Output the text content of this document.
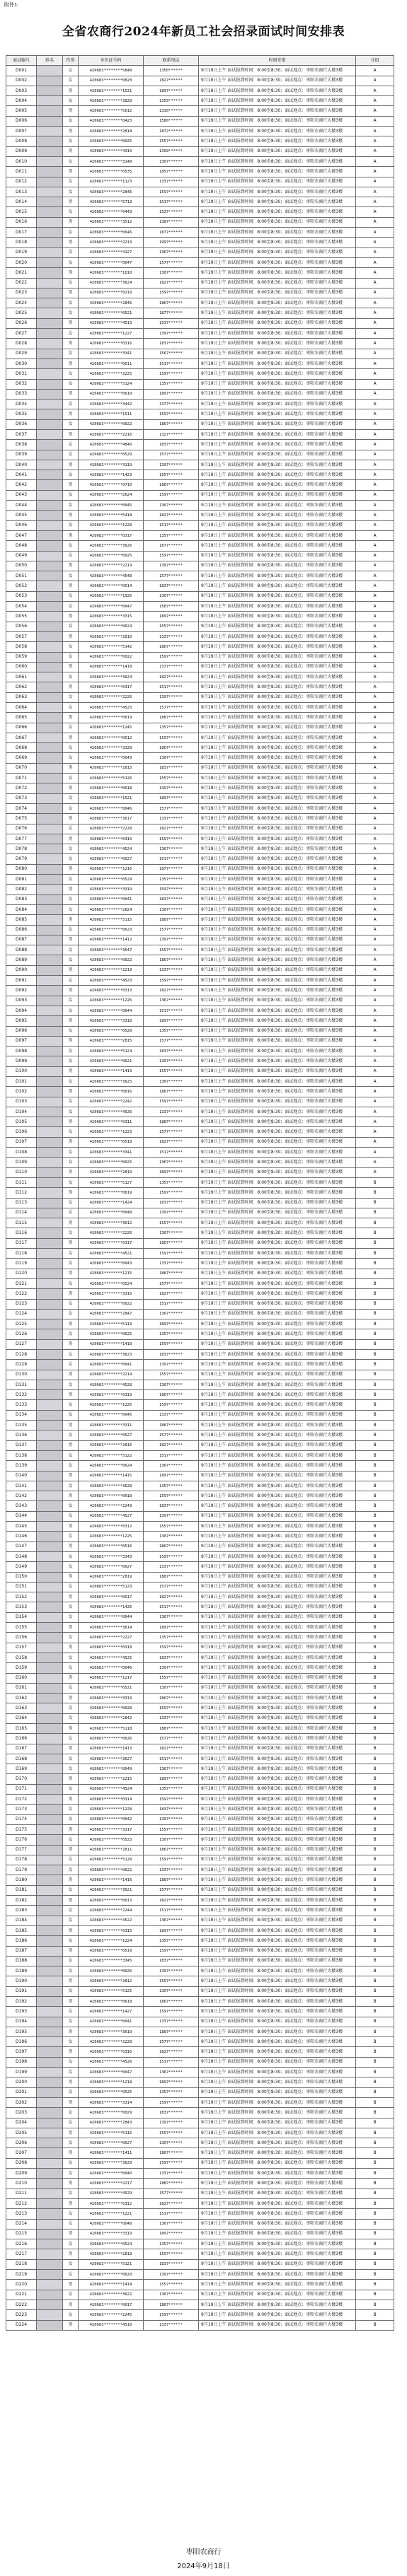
附件1:
全省农商行2024年新员工社会招录面试时间安排表
面试编号	姓名	性别	身份证号码	联系电话	时间安排	分组
D001		女	420683********5848	1350******	9月19日上午 面试报到时间：8:00至8:30；面试地点：枣阳农商行大楼3楼	A
D002		女	420683********0828	1827******	9月19日上午 面试报到时间：8:00至8:30；面试地点：枣阳农商行大楼3楼	A
D003		男	420683********1531	1897******	9月19日上午 面试报到时间：8:00至8:30；面试地点：枣阳农商行大楼3楼	A
D004		女	420683********3828	1359******	9月19日上午 面试报到时间：8:00至8:30；面试地点：枣阳农商行大楼3楼	A
D005		男	420683********5612	1330******	9月19日上午 面试报到时间：8:00至8:30；面试地点：枣阳农商行大楼3楼	A
D006		女	420683********0423	1580******	9月19日上午 面试报到时间：8:00至8:30；面试地点：枣阳农商行大楼3楼	A
D007		男	420683********2818	1872******	9月19日上午 面试报到时间：8:00至8:30；面试地点：枣阳农商行大楼3楼	A
D008		女	420683********0025	1557******	9月19日上午 面试报到时间：8:00至8:30；面试地点：枣阳农商行大楼3楼	A
D009		男	420683********4310	1399******	9月19日上午 面试报到时间：8:00至8:30；面试地点：枣阳农商行大楼3楼	A
D010		女	420683********3148	1307******	9月19日上午 面试报到时间：8:00至8:30；面试地点：枣阳农商行大楼3楼	A
D011		男	420683********0535	1857******	9月19日上午 面试报到时间：8:00至8:30；面试地点：枣阳农商行大楼3楼	A
D012		女	420683********1123	1337******	9月19日上午 面试报到时间：8:00至8:30；面试地点：枣阳农商行大楼3楼	A
D013		女	420683********2846	1597******	9月19日上午 面试报到时间：8:00至8:30；面试地点：枣阳农商行大楼3楼	A
D014		男	420683********5719	1517******	9月19日上午 面试报到时间：8:00至8:30；面试地点：枣阳农商行大楼3楼	A
D015		女	420683********0443	1527******	9月19日上午 面试报到时间：8:00至8:30；面试地点：枣阳农商行大楼3楼	A
D016		男	420683********3512	1387******	9月19日上午 面试报到时间：8:00至8:30；面试地点：枣阳农商行大楼3楼	A
D017		女	420683********0646	1877******	9月19日上午 面试报到时间：8:00至8:30；面试地点：枣阳农商行大楼3楼	A
D018		男	420683********2213	1997******	9月19日上午 面试报到时间：8:00至8:30；面试地点：枣阳农商行大楼3楼	A
D019		女	420683********4127	1367******	9月19日上午 面试报到时间：8:00至8:30；面试地点：枣阳农商行大楼3楼	A
D020		女	420683********0047	1577******	9月19日上午 面试报到时间：8:00至8:30；面试地点：枣阳农商行大楼3楼	A
D021		男	420683********1810	1307******	9月19日上午 面试报到时间：8:00至8:30；面试地点：枣阳农商行大楼3楼	A
D022		女	420683********3624	1827******	9月19日上午 面试报到时间：8:00至8:30；面试地点：枣阳农商行大楼3楼	A
D023		男	420683********0219	1597******	9月19日上午 面试报到时间：8:00至8:30；面试地点：枣阳农商行大楼3楼	A
D024		女	420683********2846	1867******	9月19日上午 面试报到时间：8:00至8:30；面试地点：枣阳农商行大楼3楼	A
D025		女	420683********0521	1877******	9月19日上午 面试报到时间：8:00至8:30；面试地点：枣阳农商行大楼3楼	A
D026		男	420683********4513	1537******	9月19日上午 面试报到时间：8:00至8:30；面试地点：枣阳农商行大楼3楼	A
D027		女	420683********1227	1397******	9月19日上午 面试报到时间：8:00至8:30；面试地点：枣阳农商行大楼3楼	A
D028		男	420683********0316	1837******	9月19日上午 面试报到时间：8:00至8:30；面试地点：枣阳农商行大楼3楼	A
D029		女	420683********3341	1567******	9月19日上午 面试报到时间：8:00至8:30；面试地点：枣阳农商行大楼3楼	A
D030		男	420683********0011	1517******	9月19日上午 面试报到时间：8:00至8:30；面试地点：枣阳农商行大楼3楼	A
D031		女	420683********2225	1597******	9月19日上午 面试报到时间：8:00至8:30；面试地点：枣阳农商行大楼3楼	A
D032		女	420683********5124	1357******	9月19日上午 面试报到时间：8:00至8:30；面试地点：枣阳农商行大楼3楼	A
D033		男	420683********0610	1897******	9月19日上午 面试报到时间：8:00至8:30；面试地点：枣阳农商行大楼3楼	A
D034		女	420683********3442	1377******	9月19日上午 面试报到时间：8:00至8:30；面试地点：枣阳农商行大楼3楼	A
D035		男	420683********1511	1597******	9月19日上午 面试报到时间：8:00至8:30；面试地点：枣阳农商行大楼3楼	A
D036		女	420683********0022	1867******	9月19日上午 面试报到时间：8:00至8:30；面试地点：枣阳农商行大楼3楼	A
D037		男	420683********2216	1327******	9月19日上午 面试报到时间：8:00至8:30；面试地点：枣阳农商行大楼3楼	A
D038		女	420683********4846	1837******	9月19日上午 面试报到时间：8:00至8:30；面试地点：枣阳农商行大楼3楼	A
D039		女	420683********0529	1577******	9月19日上午 面试报到时间：8:00至8:30；面试地点：枣阳农商行大楼3楼	A
D040		男	420683********3119	1397******	9月19日上午 面试报到时间：8:00至8:30；面试地点：枣阳农商行大楼3楼	A
D041		女	420683********1423	1557******	9月19日上午 面试报到时间：8:00至8:30；面试地点：枣阳农商行大楼3楼	A
D042		男	420683********0710	1887******	9月19日上午 面试报到时间：8:00至8:30；面试地点：枣阳农商行大楼3楼	A
D043		女	420683********2624	1597******	9月19日上午 面试报到时间：8:00至8:30；面试地点：枣阳农商行大楼3楼	A
D044		女	420683********0045	1367******	9月19日上午 面试报到时间：8:00至8:30；面试地点：枣阳农商行大楼3楼	A
D045		男	420683********5418	1827******	9月19日上午 面试报到时间：8:00至8:30；面试地点：枣阳农商行大楼3楼	A
D046		女	420683********1228	1517******	9月19日上午 面试报到时间：8:00至8:30；面试地点：枣阳农商行大楼3楼	A
D047		男	420683********0317	1357******	9月19日上午 面试报到时间：8:00至8:30；面试地点：枣阳农商行大楼3楼	A
D048		女	420683********3626	1877******	9月19日上午 面试报到时间：8:00至8:30；面试地点：枣阳农商行大楼3楼	A
D049		女	420683********0025	1597******	9月19日上午 面试报到时间：8:00至8:30；面试地点：枣阳农商行大楼3楼	A
D050		男	420683********2219	1397******	9月19日上午 面试报到时间：8:00至8:30；面试地点：枣阳农商行大楼3楼	A
D051		女	420683********4548	1577******	9月19日上午 面试报到时间：8:00至8:30；面试地点：枣阳农商行大楼3楼	A
D052		男	420683********0514	1837******	9月19日上午 面试报到时间：8:00至8:30；面试地点：枣阳农商行大楼3楼	A
D053		女	420683********1926	1307******	9月19日上午 面试报到时间：8:00至8:30；面试地点：枣阳农商行大楼3楼	A
D054		女	420683********0047	1587******	9月19日上午 面试报到时间：8:00至8:30；面试地点：枣阳农商行大楼3楼	A
D055		男	420683********3315	1897******	9月19日上午 面试报到时间：8:00至8:30；面试地点：枣阳农商行大楼3楼	A
D056		女	420683********0624	1557******	9月19日上午 面试报到时间：8:00至8:30；面试地点：枣阳农商行大楼3楼	A
D057		男	420683********2810	1337******	9月19日上午 面试报到时间：8:00至8:30；面试地点：枣阳农商行大楼3楼	A
D058		女	420683********5142	1867******	9月19日上午 面试报到时间：8:00至8:30；面试地点：枣阳农商行大楼3楼	A
D059		女	420683********0022	1597******	9月19日上午 面试报到时间：8:00至8:30；面试地点：枣阳农商行大楼3楼	A
D060		男	420683********1418	1377******	9月19日上午 面试报到时间：8:00至8:30；面试地点：枣阳农商行大楼3楼	A
D061		女	420683********3624	1827******	9月19日上午 面试报到时间：8:00至8:30；面试地点：枣阳农商行大楼3楼	A
D062		男	420683********0317	1517******	9月19日上午 面试报到时间：8:00至8:30；面试地点：枣阳农商行大楼3楼	A
D063		女	420683********2226	1397******	9月19日上午 面试报到时间：8:00至8:30；面试地点：枣阳农商行大楼3楼	A
D064		女	420683********4523	1577******	9月19日上午 面试报到时间：8:00至8:30；面试地点：枣阳农商行大楼3楼	A
D065		男	420683********0019	1887******	9月19日上午 面试报到时间：8:00至8:30；面试地点：枣阳农商行大楼3楼	A
D066		女	420683********1245	1357******	9月19日上午 面试报到时间：8:00至8:30；面试地点：枣阳农商行大楼3楼	A
D067		男	420683********0512	1597******	9月19日上午 面试报到时间：8:00至8:30；面试地点：枣阳农商行大楼3楼	A
D068		女	420683********3328	1867******	9月19日上午 面试报到时间：8:00至8:30；面试地点：枣阳农商行大楼3楼	A
D069		女	420683********0043	1307******	9月19日上午 面试报到时间：8:00至8:30；面试地点：枣阳农商行大楼3楼	A
D070		男	420683********2813	1837******	9月19日上午 面试报到时间：8:00至8:30；面试地点：枣阳农商行大楼3楼	A
D071		女	420683********5126	1557******	9月19日上午 面试报到时间：8:00至8:30；面试地点：枣阳农商行大楼3楼	A
D072		男	420683********0618	1397******	9月19日上午 面试报到时间：8:00至8:30；面试地点：枣阳农商行大楼3楼	A
D073		女	420683********1521	1897******	9月19日上午 面试报到时间：8:00至8:30；面试地点：枣阳农商行大楼3楼	A
D074		女	420683********0046	1577******	9月19日上午 面试报到时间：8:00至8:30；面试地点：枣阳农商行大楼3楼	A
D075		男	420683********3617	1337******	9月19日上午 面试报到时间：8:00至8:30；面试地点：枣阳农商行大楼3楼	A
D076		女	420683********2228	1827******	9月19日上午 面试报到时间：8:00至8:30；面试地点：枣阳农商行大楼3楼	A
D077		男	420683********0310	1597******	9月19日上午 面试报到时间：8:00至8:30；面试地点：枣阳农商行大楼3楼	A
D078		女	420683********4524	1367******	9月19日上午 面试报到时间：8:00至8:30；面试地点：枣阳农商行大楼3楼	A
D079		女	420683********0027	1517******	9月19日上午 面试报到时间：8:00至8:30；面试地点：枣阳农商行大楼3楼	A
D080		男	420683********1216	1877******	9月19日上午 面试报到时间：8:00至8:30；面试地点：枣阳农商行大楼3楼	A
D081		女	420683********0529	1357******	9月19日上午 面试报到时间：8:00至8:30；面试地点：枣阳农商行大楼3楼	A
D082		男	420683********3319	1597******	9月19日上午 面试报到时间：8:00至8:30；面试地点：枣阳农商行大楼3楼	A
D083		女	420683********0041	1837******	9月19日上午 面试报到时间：8:00至8:30；面试地点：枣阳农商行大楼3楼	A
D084		女	420683********2824	1307******	9月19日上午 面试报到时间：8:00至8:30；面试地点：枣阳农商行大楼3楼	A
D085		男	420683********5115	1887******	9月19日上午 面试报到时间：8:00至8:30；面试地点：枣阳农商行大楼3楼	A
D086		女	420683********0623	1577******	9月19日上午 面试报到时间：8:00至8:30；面试地点：枣阳农商行大楼3楼	A
D087		男	420683********1412	1397******	9月19日上午 面试报到时间：8:00至8:30；面试地点：枣阳农商行大楼3楼	A
D088		女	420683********3647	1557******	9月19日上午 面试报到时间：8:00至8:30；面试地点：枣阳农商行大楼3楼	A
D089		女	420683********0022	1867******	9月19日上午 面试报到时间：8:00至8:30；面试地点：枣阳农商行大楼3楼	A
D090		男	420683********2219	1337******	9月19日上午 面试报到时间：8:00至8:30；面试地点：枣阳农商行大楼3楼	A
D091		女	420683********4523	1597******	9月19日上午 面试报到时间：8:00至8:30；面试地点：枣阳农商行大楼3楼	A
D092		男	420683********0313	1827******	9月19日上午 面试报到时间：8:00至8:30；面试地点：枣阳农商行大楼3楼	A
D093		女	420683********1226	1367******	9月19日上午 面试报到时间：8:00至8:30；面试地点：枣阳农商行大楼3楼	A
D094		女	420683********0044	1517******	9月19日上午 面试报到时间：8:00至8:30；面试地点：枣阳农商行大楼3楼	A
D095		男	420683********3318	1897******	9月19日上午 面试报到时间：8:00至8:30；面试地点：枣阳农商行大楼3楼	A
D096		女	420683********0528	1357******	9月19日上午 面试报到时间：8:00至8:30；面试地点：枣阳农商行大楼3楼	A
D097		男	420683********2815	1577******	9月19日上午 面试报到时间：8:00至8:30；面试地点：枣阳农商行大楼3楼	A
D098		女	420683********5124	1837******	9月19日上午 面试报到时间：8:00至8:30；面试地点：枣阳农商行大楼3楼	A
D099		女	420683********0621	1397******	9月19日上午 面试报到时间：8:00至8:30；面试地点：枣阳农商行大楼3楼	A
D100		男	420683********1419	1557******	9月19日上午 面试报到时间：8:00至8:30；面试地点：枣阳农商行大楼3楼	A
D101		女	420683********3625	1307******	9月19日上午 面试报到时间：8:00至8:30；面试地点：枣阳农商行大楼3楼	A
D102		男	420683********0016	1867******	9月19日上午 面试报到时间：8:00至8:30；面试地点：枣阳农商行大楼3楼	A
D103		女	420683********2242	1597******	9月19日上午 面试报到时间：8:00至8:30；面试地点：枣阳农商行大楼3楼	A
D104		女	420683********4526	1337******	9月19日上午 面试报到时间：8:00至8:30；面试地点：枣阳农商行大楼3楼	A
D105		男	420683********0311	1887******	9月19日上午 面试报到时间：8:00至8:30；面试地点：枣阳农商行大楼3楼	A
D106		女	420683********1223	1577******	9月19日上午 面试报到时间：8:00至8:30；面试地点：枣阳农商行大楼3楼	A
D107		男	420683********0518	1827******	9月19日上午 面试报到时间：8:00至8:30；面试地点：枣阳农商行大楼3楼	A
D108		女	420683********3341	1517******	9月19日上午 面试报到时间：8:00至8:30；面试地点：枣阳农商行大楼3楼	A
D109		女	420683********0025	1367******	9月19日上午 面试报到时间：8:00至8:30；面试地点：枣阳农商行大楼3楼	A
D110		男	420683********2810	1897******	9月19日上午 面试报到时间：8:00至8:30；面试地点：枣阳农商行大楼3楼	A
D111		女	420683********5127	1357******	9月19日上午 面试报到时间：8:00至8:30；面试地点：枣阳农商行大楼3楼	B
D112		男	420683********0619	1597******	9月19日上午 面试报到时间：8:00至8:30；面试地点：枣阳农商行大楼3楼	B
D113		女	420683********1424	1837******	9月19日上午 面试报到时间：8:00至8:30；面试地点：枣阳农商行大楼3楼	B
D114		女	420683********0048	1397******	9月19日上午 面试报到时间：8:00至8:30；面试地点：枣阳农商行大楼3楼	B
D115		男	420683********3612	1557******	9月19日上午 面试报到时间：8:00至8:30；面试地点：枣阳农商行大楼3楼	B
D116		女	420683********2226	1307******	9月19日上午 面试报到时间：8:00至8:30；面试地点：枣阳农商行大楼3楼	B
D117		男	420683********0317	1867******	9月19日上午 面试报到时间：8:00至8:30；面试地点：枣阳农商行大楼3楼	B
D118		女	420683********4521	1597******	9月19日上午 面试报到时间：8:00至8:30；面试地点：枣阳农商行大楼3楼	B
D119		女	420683********0043	1337******	9月19日上午 面试报到时间：8:00至8:30；面试地点：枣阳农商行大楼3楼	B
D120		男	420683********1215	1887******	9月19日上午 面试报到时间：8:00至8:30；面试地点：枣阳农商行大楼3楼	B
D121		女	420683********0524	1577******	9月19日上午 面试报到时间：8:00至8:30；面试地点：枣阳农商行大楼3楼	B
D122		男	420683********3316	1827******	9月19日上午 面试报到时间：8:00至8:30；面试地点：枣阳农商行大楼3楼	B
D123		女	420683********0022	1517******	9月19日上午 面试报到时间：8:00至8:30；面试地点：枣阳农商行大楼3楼	B
D124		女	420683********2847	1367******	9月19日上午 面试报到时间：8:00至8:30；面试地点：枣阳农商行大楼3楼	B
D125		男	420683********5113	1897******	9月19日上午 面试报到时间：8:00至8:30；面试地点：枣阳农商行大楼3楼	B
D126		女	420683********0625	1357******	9月19日上午 面试报到时间：8:00至8:30；面试地点：枣阳农商行大楼3楼	B
D127		男	420683********1418	1597******	9月19日上午 面试报到时间：8:00至8:30；面试地点：枣阳农商行大楼3楼	B
D128		女	420683********3623	1837******	9月19日上午 面试报到时间：8:00至8:30；面试地点：枣阳农商行大楼3楼	B
D129		女	420683********0041	1397******	9月19日上午 面试报到时间：8:00至8:30；面试地点：枣阳农商行大楼3楼	B
D130		男	420683********2214	1557******	9月19日上午 面试报到时间：8:00至8:30；面试地点：枣阳农商行大楼3楼	B
D131		女	420683********4528	1307******	9月19日上午 面试报到时间：8:00至8:30；面试地点：枣阳农商行大楼3楼	B
D132		男	420683********0319	1867******	9月19日上午 面试报到时间：8:00至8:30；面试地点：枣阳农商行大楼3楼	B
D133		女	420683********1226	1597******	9月19日上午 面试报到时间：8:00至8:30；面试地点：枣阳农商行大楼3楼	B
D134		女	420683********0045	1337******	9月19日上午 面试报到时间：8:00至8:30；面试地点：枣阳农商行大楼3楼	B
D135		男	420683********3311	1887******	9月19日上午 面试报到时间：8:00至8:30；面试地点：枣阳农商行大楼3楼	B
D136		女	420683********0527	1577******	9月19日上午 面试报到时间：8:00至8:30；面试地点：枣阳农商行大楼3楼	B
D137		男	420683********2816	1827******	9月19日上午 面试报到时间：8:00至8:30；面试地点：枣阳农商行大楼3楼	B
D138		女	420683********5122	1517******	9月19日上午 面试报到时间：8:00至8:30；面试地点：枣阳农商行大楼3楼	B
D139		女	420683********0624	1367******	9月19日上午 面试报到时间：8:00至8:30；面试地点：枣阳农商行大楼3楼	B
D140		男	420683********1415	1897******	9月19日上午 面试报到时间：8:00至8:30；面试地点：枣阳农商行大楼3楼	B
D141		女	420683********3628	1357******	9月19日上午 面试报到时间：8:00至8:30；面试地点：枣阳农商行大楼3楼	B
D142		男	420683********0018	1597******	9月19日上午 面试报到时间：8:00至8:30；面试地点：枣阳农商行大楼3楼	B
D143		女	420683********2243	1837******	9月19日上午 面试报到时间：8:00至8:30；面试地点：枣阳农商行大楼3楼	B
D144		女	420683********4527	1397******	9月19日上午 面试报到时间：8:00至8:30；面试地点：枣阳农商行大楼3楼	B
D145		男	420683********0312	1557******	9月19日上午 面试报到时间：8:00至8:30；面试地点：枣阳农商行大楼3楼	B
D146		女	420683********1225	1307******	9月19日上午 面试报到时间：8:00至8:30；面试地点：枣阳农商行大楼3楼	B
D147		男	420683********0516	1867******	9月19日上午 面试报到时间：8:00至8:30；面试地点：枣阳农商行大楼3楼	B
D148		女	420683********3343	1597******	9月19日上午 面试报到时间：8:00至8:30；面试地点：枣阳农商行大楼3楼	B
D149		女	420683********0027	1337******	9月19日上午 面试报到时间：8:00至8:30；面试地点：枣阳农商行大楼3楼	B
D150		男	420683********2819	1887******	9月19日上午 面试报到时间：8:00至8:30；面试地点：枣阳农商行大楼3楼	B
D151		女	420683********5123	1577******	9月19日上午 面试报到时间：8:00至8:30；面试地点：枣阳农商行大楼3楼	B
D152		男	420683********0617	1827******	9月19日上午 面试报到时间：8:00至8:30；面试地点：枣阳农商行大楼3楼	B
D153		女	420683********1426	1517******	9月19日上午 面试报到时间：8:00至8:30；面试地点：枣阳农商行大楼3楼	B
D154		女	420683********0044	1367******	9月19日上午 面试报到时间：8:00至8:30；面试地点：枣阳农商行大楼3楼	B
D155		男	420683********3614	1897******	9月19日上午 面试报到时间：8:00至8:30；面试地点：枣阳农商行大楼3楼	B
D156		女	420683********2227	1357******	9月19日上午 面试报到时间：8:00至8:30；面试地点：枣阳农商行大楼3楼	B
D157		男	420683********0318	1597******	9月19日上午 面试报到时间：8:00至8:30；面试地点：枣阳农商行大楼3楼	B
D158		女	420683********4525	1837******	9月19日上午 面试报到时间：8:00至8:30；面试地点：枣阳农商行大楼3楼	B
D159		女	420683********0046	1397******	9月19日上午 面试报到时间：8:00至8:30；面试地点：枣阳农商行大楼3楼	B
D160		男	420683********1217	1557******	9月19日上午 面试报到时间：8:00至8:30；面试地点：枣阳农商行大楼3楼	B
D161		女	420683********0521	1307******	9月19日上午 面试报到时间：8:00至8:30；面试地点：枣阳农商行大楼3楼	B
D162		男	420683********3313	1867******	9月19日上午 面试报到时间：8:00至8:30；面试地点：枣阳农商行大楼3楼	B
D163		女	420683********0028	1597******	9月19日上午 面试报到时间：8:00至8:30；面试地点：枣阳农商行大楼3楼	B
D164		女	420683********2842	1337******	9月19日上午 面试报到时间：8:00至8:30；面试地点：枣阳农商行大楼3楼	B
D165		男	420683********5118	1887******	9月19日上午 面试报到时间：8:00至8:30；面试地点：枣阳农商行大楼3楼	B
D166		女	420683********0626	1577******	9月19日上午 面试报到时间：8:00至8:30；面试地点：枣阳农商行大楼3楼	B
D167		男	420683********1413	1827******	9月19日上午 面试报到时间：8:00至8:30；面试地点：枣阳农商行大楼3楼	B
D168		女	420683********3627	1517******	9月19日上午 面试报到时间：8:00至8:30；面试地点：枣阳农商行大楼3楼	B
D169		女	420683********0049	1367******	9月19日上午 面试报到时间：8:00至8:30；面试地点：枣阳农商行大楼3楼	B
D170		男	420683********2215	1897******	9月19日上午 面试报到时间：8:00至8:30；面试地点：枣阳农商行大楼3楼	B
D171		女	420683********4524	1357******	9月19日上午 面试报到时间：8:00至8:30；面试地点：枣阳农商行大楼3楼	B
D172		男	420683********0314	1597******	9月19日上午 面试报到时间：8:00至8:30；面试地点：枣阳农商行大楼3楼	B
D173		女	420683********1228	1837******	9月19日上午 面试报到时间：8:00至8:30；面试地点：枣阳农商行大楼3楼	B
D174		女	420683********0042	1397******	9月19日上午 面试报到时间：8:00至8:30；面试地点：枣阳农商行大楼3楼	B
D175		男	420683********3317	1557******	9月19日上午 面试报到时间：8:00至8:30；面试地点：枣阳农商行大楼3楼	B
D176		女	420683********0523	1307******	9月19日上午 面试报到时间：8:00至8:30；面试地点：枣阳农商行大楼3楼	B
D177		男	420683********2811	1867******	9月19日上午 面试报到时间：8:00至8:30；面试地点：枣阳农商行大楼3楼	B
D178		女	420683********5128	1597******	9月19日上午 面试报到时间：8:00至8:30；面试地点：枣阳农商行大楼3楼	B
D179		女	420683********0622	1337******	9月19日上午 面试报到时间：8:00至8:30；面试地点：枣阳农商行大楼3楼	B
D180		男	420683********1416	1887******	9月19日上午 面试报到时间：8:00至8:30；面试地点：枣阳农商行大楼3楼	B
D181		女	420683********3621	1577******	9月19日上午 面试报到时间：8:00至8:30；面试地点：枣阳农商行大楼3楼	B
D182		男	420683********0013	1827******	9月19日上午 面试报到时间：8:00至8:30；面试地点：枣阳农商行大楼3楼	B
D183		女	420683********2244	1517******	9月19日上午 面试报到时间：8:00至8:30；面试地点：枣阳农商行大楼3楼	B
D184		女	420683********4522	1367******	9月19日上午 面试报到时间：8:00至8:30；面试地点：枣阳农商行大楼3楼	B
D185		男	420683********0315	1897******	9月19日上午 面试报到时间：8:00至8:30；面试地点：枣阳农商行大楼3楼	B
D186		女	420683********1224	1357******	9月19日上午 面试报到时间：8:00至8:30；面试地点：枣阳农商行大楼3楼	B
D187		男	420683********0519	1597******	9月19日上午 面试报到时间：8:00至8:30；面试地点：枣阳农商行大楼3楼	B
D188		女	420683********3345	1837******	9月19日上午 面试报到时间：8:00至8:30；面试地点：枣阳农商行大楼3楼	B
D189		女	420683********0026	1397******	9月19日上午 面试报到时间：8:00至8:30；面试地点：枣阳农商行大楼3楼	B
D190		男	420683********2812	1557******	9月19日上午 面试报到时间：8:00至8:30；面试地点：枣阳农商行大楼3楼	B
D191		女	420683********5125	1307******	9月19日上午 面试报到时间：8:00至8:30；面试地点：枣阳农商行大楼3楼	B
D192		男	420683********0618	1867******	9月19日上午 面试报到时间：8:00至8:30；面试地点：枣阳农商行大楼3楼	B
D193		女	420683********1427	1597******	9月19日上午 面试报到时间：8:00至8:30；面试地点：枣阳农商行大楼3楼	B
D194		女	420683********0041	1337******	9月19日上午 面试报到时间：8:00至8:30；面试地点：枣阳农商行大楼3楼	B
D195		男	420683********3619	1887******	9月19日上午 面试报到时间：8:00至8:30；面试地点：枣阳农商行大楼3楼	B
D196		女	420683********2228	1577******	9月19日上午 面试报到时间：8:00至8:30；面试地点：枣阳农商行大楼3楼	B
D197		男	420683********0316	1827******	9月19日上午 面试报到时间：8:00至8:30；面试地点：枣阳农商行大楼3楼	B
D198		女	420683********4526	1517******	9月19日上午 面试报到时间：8:00至8:30；面试地点：枣阳农商行大楼3楼	B
D199		女	420683********0047	1367******	9月19日上午 面试报到时间：8:00至8:30；面试地点：枣阳农商行大楼3楼	B
D200		男	420683********1218	1897******	9月19日上午 面试报到时间：8:00至8:30；面试地点：枣阳农商行大楼3楼	B
D201		女	420683********0525	1357******	9月19日上午 面试报到时间：8:00至8:30；面试地点：枣阳农商行大楼3楼	B
D202		男	420683********3314	1597******	9月19日上午 面试报到时间：8:00至8:30；面试地点：枣阳农商行大楼3楼	B
D203		女	420683********0029	1837******	9月19日上午 面试报到时间：8:00至8:30；面试地点：枣阳农商行大楼3楼	B
D204		女	420683********2843	1397******	9月19日上午 面试报到时间：8:00至8:30；面试地点：枣阳农商行大楼3楼	B
D205		男	420683********5116	1557******	9月19日上午 面试报到时间：8:00至8:30；面试地点：枣阳农商行大楼3楼	B
D206		女	420683********0627	1307******	9月19日上午 面试报到时间：8:00至8:30；面试地点：枣阳农商行大楼3楼	B
D207		男	420683********1411	1867******	9月19日上午 面试报到时间：8:00至8:30；面试地点：枣阳农商行大楼3楼	B
D208		女	420683********3629	1597******	9月19日上午 面试报到时间：8:00至8:30；面试地点：枣阳农商行大楼3楼	B
D209		女	420683********0040	1337******	9月19日上午 面试报到时间：8:00至8:30；面试地点：枣阳农商行大楼3楼	B
D210		男	420683********2217	1887******	9月19日上午 面试报到时间：8:00至8:30；面试地点：枣阳农商行大楼3楼	B
D211		女	420683********4529	1577******	9月19日上午 面试报到时间：8:00至8:30；面试地点：枣阳农商行大楼3楼	B
D212		男	420683********0312	1827******	9月19日上午 面试报到时间：8:00至8:30；面试地点：枣阳农商行大楼3楼	B
D213		女	420683********1221	1517******	9月19日上午 面试报到时间：8:00至8:30；面试地点：枣阳农商行大楼3楼	B
D214		女	420683********0048	1367******	9月19日上午 面试报到时间：8:00至8:30；面试地点：枣阳农商行大楼3楼	B
D215		男	420683********3319	1897******	9月19日上午 面试报到时间：8:00至8:30；面试地点：枣阳农商行大楼3楼	B
D216		女	420683********0524	1357******	9月19日上午 面试报到时间：8:00至8:30；面试地点：枣阳农商行大楼3楼	B
D217		男	420683********2818	1597******	9月19日上午 面试报到时间：8:00至8:30；面试地点：枣阳农商行大楼3楼	B
D218		女	420683********5121	1837******	9月19日上午 面试报到时间：8:00至8:30；面试地点：枣阳农商行大楼3楼	B
D219		女	420683********0620	1397******	9月19日上午 面试报到时间：8:00至8:30；面试地点：枣阳农商行大楼3楼	B
D220		男	420683********1414	1557******	9月19日上午 面试报到时间：8:00至8:30；面试地点：枣阳农商行大楼3楼	B
D221		女	420683********3622	1307******	9月19日上午 面试报到时间：8:00至8:30；面试地点：枣阳农商行大楼3楼	B
D222		男	420683********0017	1867******	9月19日上午 面试报到时间：8:00至8:30；面试地点：枣阳农商行大楼3楼	B
D223		女	420683********2245	1597******	9月19日上午 面试报到时间：8:00至8:30；面试地点：枣阳农商行大楼3楼	B
D224		男	420683********4518	1337******	9月19日上午 面试报到时间：8:00至8:30；面试地点：枣阳农商行大楼3楼	B
枣阳农商行
2024年9月18日
